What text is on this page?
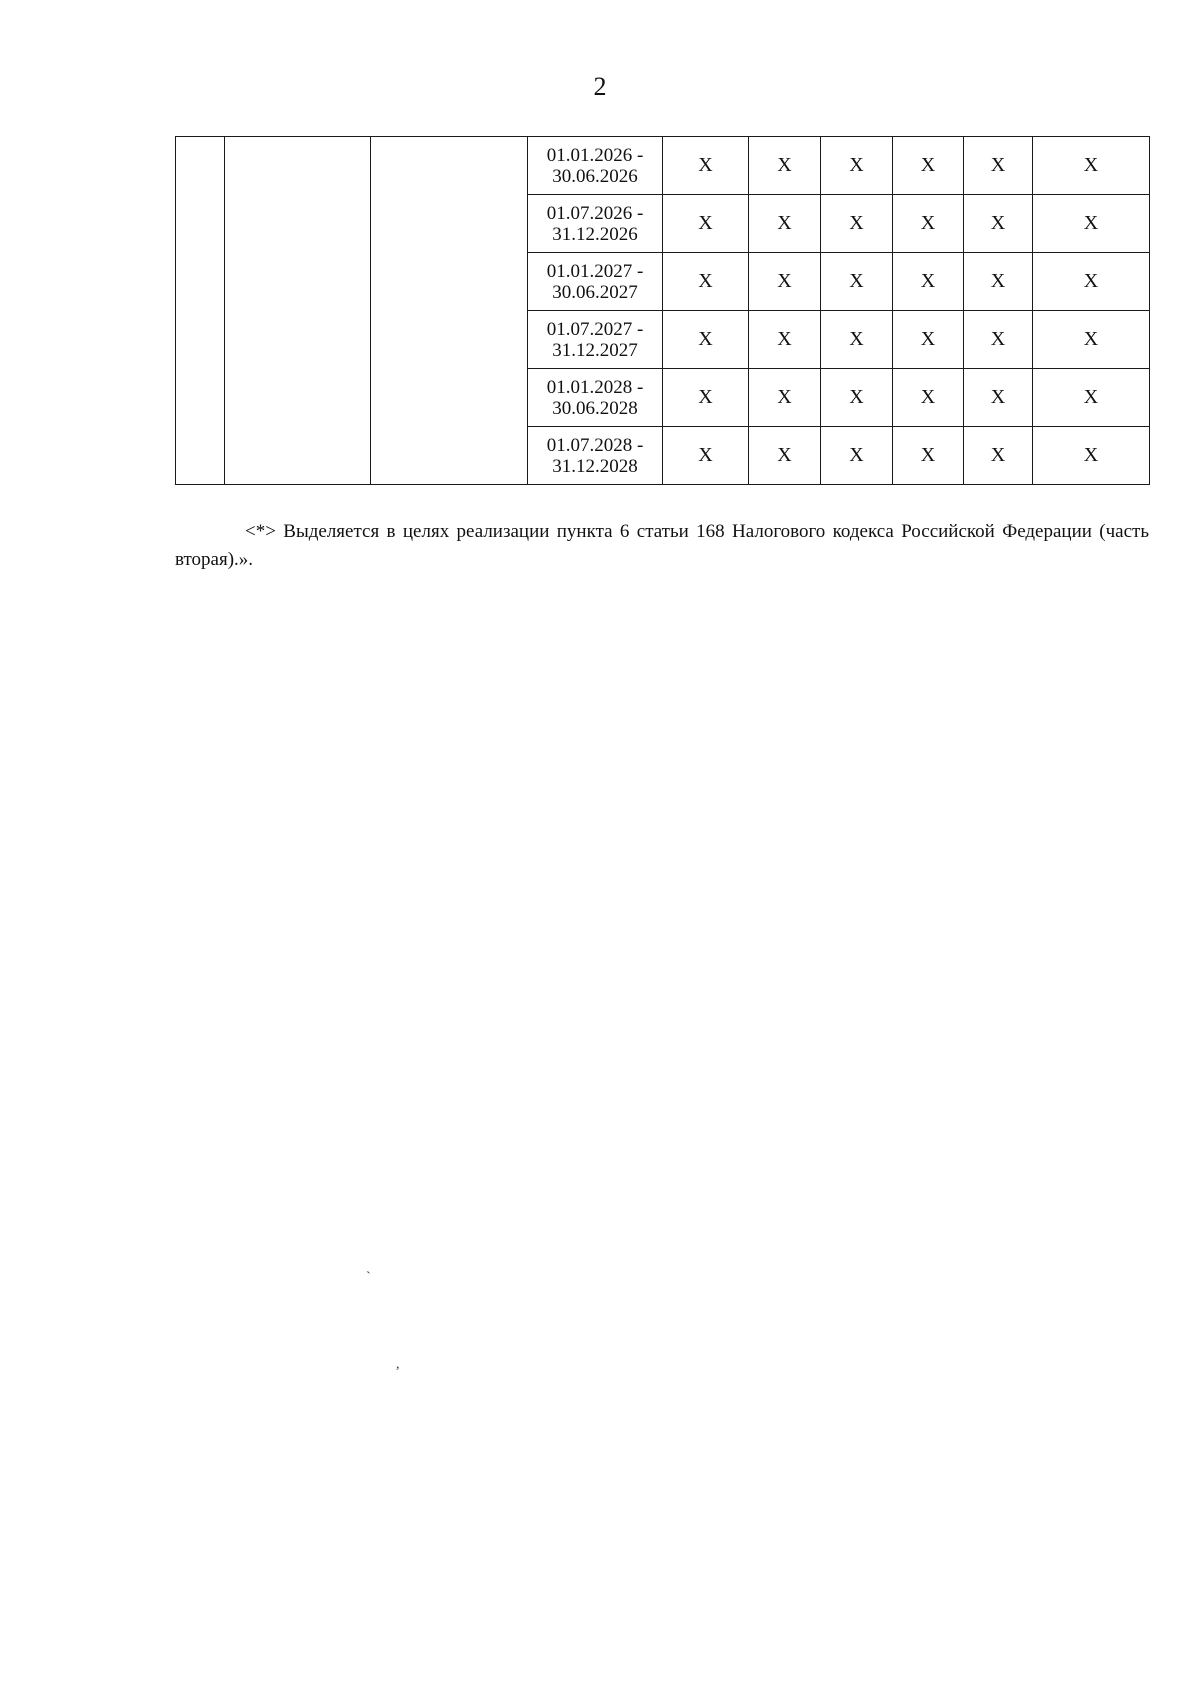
2

			01.01.2026 -
30.06.2026	X	X	X	X	X	X

			01.07.2026 -
31.12.2026	X	X	X	X	X	X

			01.01.2027 -
30.06.2027	X	X	X	X	X	X

			01.07.2027 -
31.12.2027	X	X	X	X	X	X

			01.01.2028 -
30.06.2028	X	X	X	X	X	X

			01.07.2028 -
31.12.2028	X	X	X	X	X	X
<*> Выделяется в целях реализации пункта 6 статьи 168 Налогового кодекса Российской Федерации (часть вторая).».
`
,
